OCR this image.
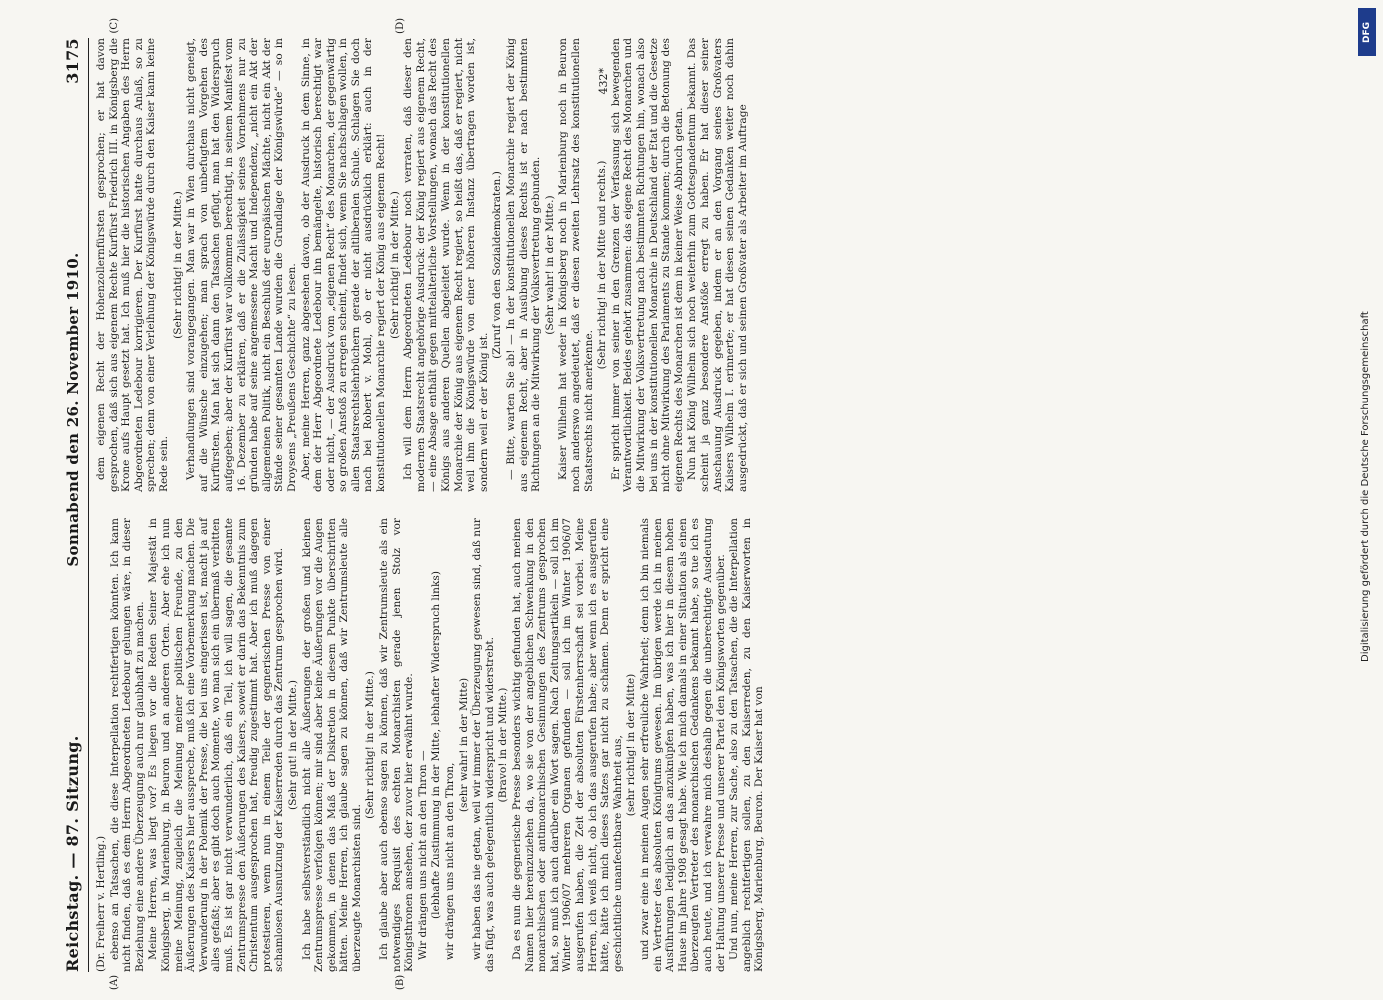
Reichstag. — 87. Sitzung.
Sonnabend den 26. November 1910.
3175
(A)	(B)

(Dr. Freiherr v. Hertling.) ebenso an Tatsachen, die diese Interpellation rechtfertigen könnten. Ich kann nicht finden, daß es dem Herrn Abgeordneten Ledebour gelungen wäre, in dieser Beziehung eine andere Überzeugung auch nur glaubhaft zu machen. Meine Herren, was liegt vor? Es liegen vor die Reden Seiner Majestät in Königsberg, in Marienburg, in Beuron und an anderen Orten. Aber ehe ich nun meine Meinung, zugleich die Meinung meiner politischen Freunde, zu den Äußerungen des Kaisers hier ausspreche, muß ich eine Vorbemerkung machen. Die Verwunderung in der Polemik der Presse, die bei uns eingerissen ist, macht ja auf alles gefaßt; aber es gibt doch auch Momente, wo man sich ein übermaß verbitten muß. Es ist gar nicht verwunderlich, daß ein Teil, ich will sagen, die gesamte Zentrumspresse den Äußerungen des Kaisers, soweit er darin das Bekenntnis zum Christentum ausgesprochen hat, freudig zugestimmt hat. Aber ich muß dagegen protestieren, wenn nun in einem Teile der gegnerischen Presse von einer schamlosen Ausnutzung der Kaiserreden durch das Zentrum gesprochen wird. (Sehr gut! in der Mitte.) Ich habe selbstverständlich nicht alle Äußerungen der großen und kleinen Zentrumspresse verfolgen können; mir sind aber keine Äußerungen vor die Augen gekommen, in denen das Maß der Diskretion in diesem Punkte überschritten hätten. Meine Herren, ich glaube sagen zu können, daß wir Zentrumsleute alle überzeugte Monarchisten sind.

(Sehr richtig! in der Mitte.) Ich glaube aber auch ebenso sagen zu können, daß wir Zentrumsleute als ein notwendiges Requisit des echten Monarchisten gerade jenen Stolz vor Königsthronen ansehen, der zuvor hier erwähnt wurde. Wir drängen uns nicht an den Thron — (lebhafte Zustimmung in der Mitte, lebhafter Widerspruch links) wir drängen uns nicht an den Thron,

(sehr wahr! in der Mitte) wir haben das nie getan, weil wir immer der Überzeugung gewesen sind, daß nur das fügt, was auch gelegentlich widerspricht und widerstrebt. (Bravo! in der Mitte.) Da es nun die gegnerische Presse besonders wichtig gefunden hat, auch meinen Namen hier hereinzuziehen da, wo sie von der angeblichen Schwenkung in den monarchischen oder antimonarchischen Gesinnungen des Zentrums gesprochen hat, so muß ich auch darüber ein Wort sagen. Nach Zeitungsartikeln — soll ich im Winter 1906/07 mehreren Organen gefunden — soll ich im Winter 1906/07 ausgerufen haben, die Zeit der absoluten Fürstenherrschaft sei vorbei. Meine Herren, ich weiß nicht, ob ich das ausgerufen habe; aber wenn ich es ausgerufen hätte, hätte ich mich dieses Satzes gar nicht zu schämen. Denn er spricht eine geschichtliche unanfechtbare Wahrheit aus, (sehr richtig! in der Mitte) und zwar eine in meinen Augen sehr erfreuliche Wahrheit; denn ich bin niemals ein Vertreter des absoluten Königtums gewesen. Im übrigen werde ich in meinen Ausführungen lediglich an das anzuknüpfen haben, was ich hier in diesem hohen Hause im Jahre 1908 gesagt habe. Wie ich mich damals in einer Situation als einen überzeugten Vertreter des monarchischen Gedankens bekannt habe, so tue ich es auch heute, und ich verwahre mich deshalb gegen die unberechtigte Ausdeutung der Haltung unserer Presse und unserer Partei den Königsworten gegenüber. Und nun, meine Herren, zur Sache, also zu den Tatsachen, die die Interpellation angeblich rechtfertigen sollen, zu den Kaiserreden, zu den Kaiserworten in Königsberg, Marienburg, Beuron. Der Kaiser hat von

(C)	(D)

dem eigenen Recht der Hohenzollernfürsten gesprochen; er hat davon gesprochen, daß sich aus eigenem Rechte Kurfürst Friedrich III. in Königsberg die Krone aufs Haupt gesetzt hat. Ich muß hier die historischen Angaben des Herrn Abgeordneten Ledebour korrigieren. Der Kurfürst hatte durchaus Anlaß, so zu sprechen; denn von einer Verleihung der Königswürde durch den Kaiser kann keine Rede sein.

(Sehr richtig! in der Mitte.) Verhandlungen sind vorangegangen. Man war in Wien durchaus nicht geneigt, auf die Wünsche einzugehen; man sprach von unbefugtem Vorgehen des Kurfürsten. Man hat sich dann den Tatsachen gefügt, man hat den Widerspruch aufgegeben; aber der Kurfürst war vollkommen berechtigt, in seinem Manifest vom 16. Dezember zu erklären, daß er die Zulässigkeit seines Vornehmens nur zu gründen habe auf seine angemessene Macht und Independenz, „nicht ein Akt der allgemeinen Politik, nicht ein Beschluß der europäischen Mächte, nicht ein Akt der Stände seiner gesamten Lande wurden die Grundlage der Königswürde“ — so in Droysens „Preußens Geschichte“ zu lesen. Aber, meine Herren, ganz abgesehen davon, ob der Ausdruck in dem Sinne, in dem der Herr Abgeordnete Ledebour ihn bemängelte, historisch berechtigt war oder nicht, — der Ausdruck vom „eigenen Recht“ des Monarchen, der gegenwärtig so großen Anstoß zu erregen scheint, findet sich, wenn Sie nachschlagen wollen, in allen Staatsrechtslehrbüchern gerade der altliberalen Schule. Schlagen Sie doch nach bei Robert v. Mohl, ob er nicht ausdrücklich erklärt: auch in der konstitutionellen Monarchie regiert der König aus eigenem Recht! (Sehr richtig! in der Mitte.) Ich will dem Herrn Abgeordneten Ledebour noch verraten, daß dieser den modernen Staatsrecht angehörige Ausdruck: der König regiert aus eigenem Recht, — eine Absage enthält gegen mittelalterliche Vorstellungen, wonach das Recht des Königs aus anderen Quellen abgeleitet wurde. Wenn in der konstitutionellen Monarchie der König aus eigenem Recht regiert, so heißt das, daß er regiert, nicht weil ihm die Königswürde von einer höheren Instanz übertragen worden ist, sondern weil er der König ist.

(Zuruf von den Sozialdemokraten.) — Bitte, warten Sie ab! — In der konstitutionellen Monarchie regiert der König aus eigenem Recht, aber in Ausübung dieses Rechts ist er nach bestimmten Richtungen an die Mitwirkung der Volksvertretung gebunden. (Sehr wahr! in der Mitte.) Kaiser Wilhelm hat weder in Königsberg noch in Marienburg noch in Beuron noch anderswo angedeutet, daß er diesen zweiten Lehrsatz des konstitutionellen Staatsrechts nicht anerkenne.

(Sehr richtig! in der Mitte und rechts.) Er spricht immer von seiner in den Grenzen der Verfassung sich bewegenden Verantwortlichkeit. Beides gehört zusammen: das eigene Recht des Monarchen und die Mitwirkung der Volksvertretung nach bestimmten Richtungen hin, wonach also bei uns in der konstitutionellen Monarchie in Deutschland der Etat und die Gesetze nicht ohne Mitwirkung des Parlaments zu Stande kommen; durch die Betonung des eigenen Rechts des Monarchen ist dem in keiner Weise Abbruch getan. Nun hat König Wilhelm sich noch weiterhin zum Gottesgnadentum bekannt. Das scheint ja ganz besondere Anstöße erregt zu haben. Er hat dieser seiner Anschauung Ausdruck gegeben, indem er an den Vorgang seines Großvaters Kaisers Wilhelm I. erinnerte; er hat diesen seinen Gedanken weiter noch dahin ausgedrückt, daß er sich und seinen Großvater als Arbeiter im Auftrage

432*
DFG
Digitalisierung gefördert durch die Deutsche Forschungsgemeinschaft
